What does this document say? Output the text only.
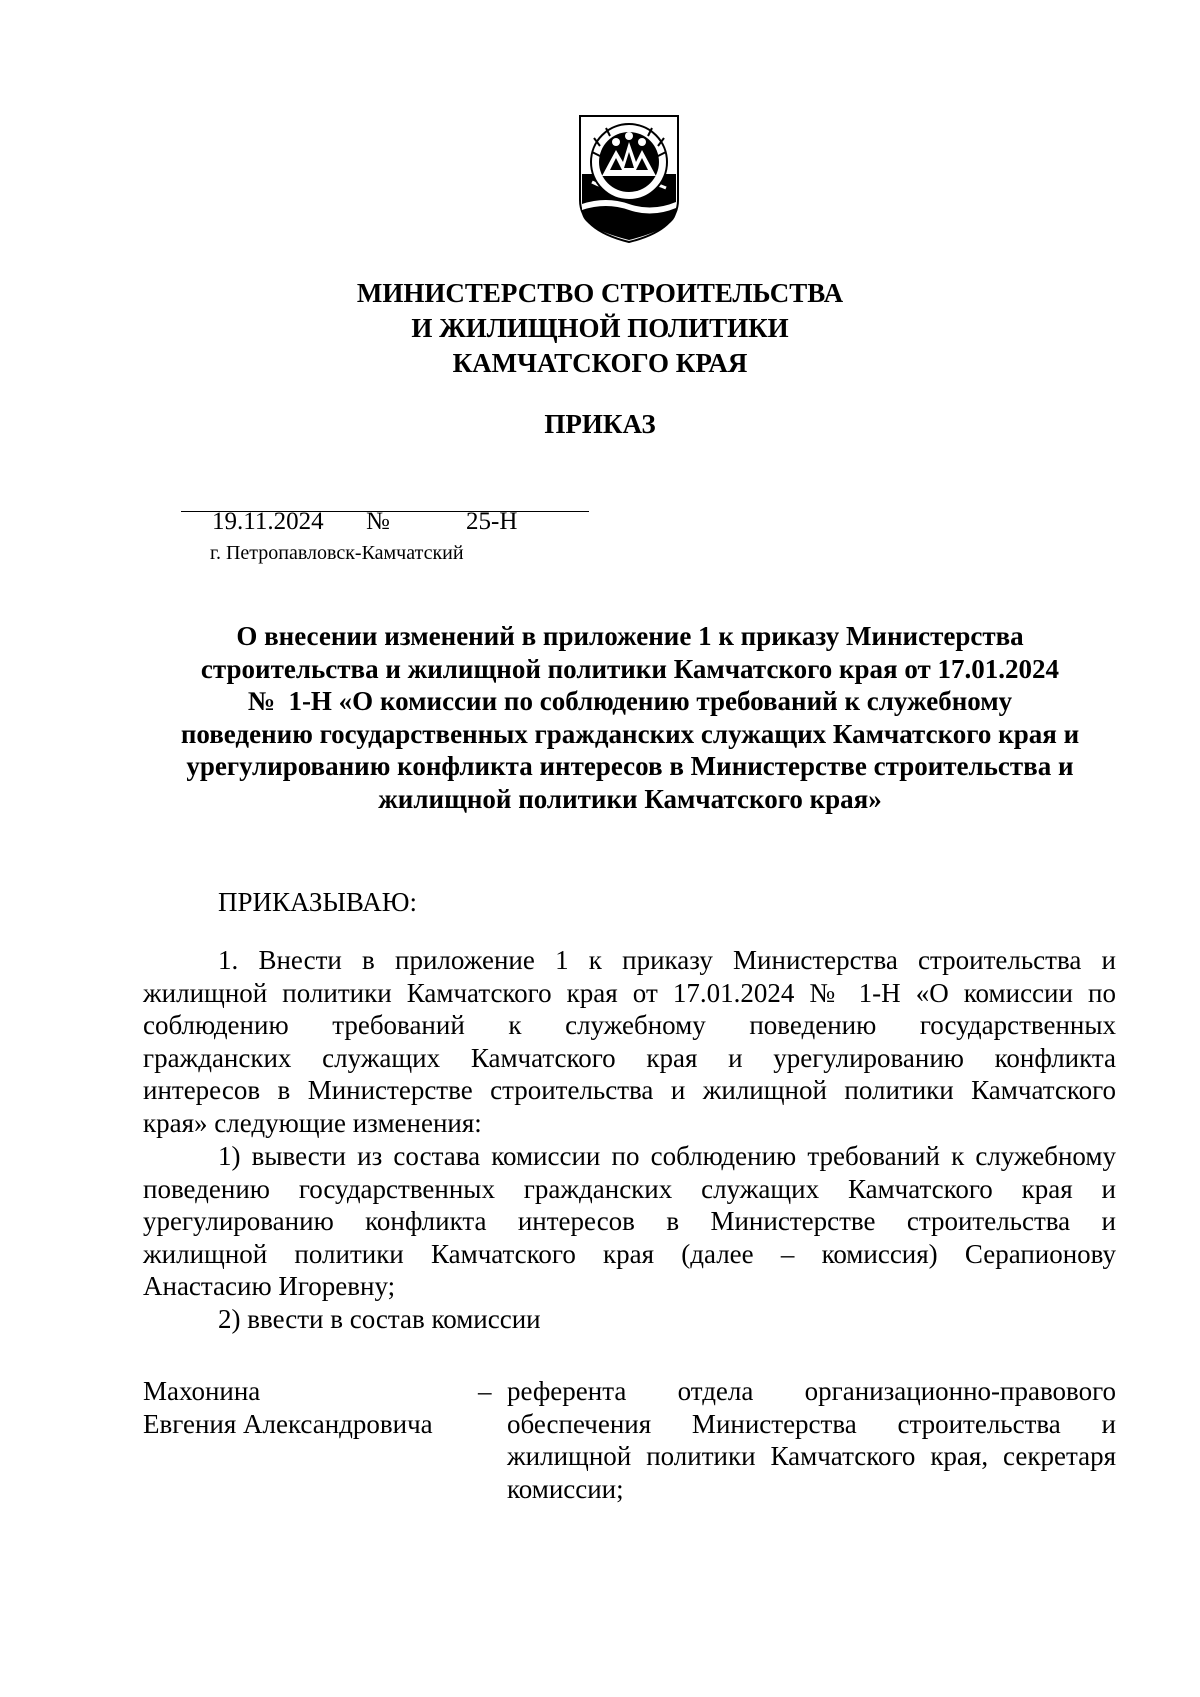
МИНИСТЕРСТВО СТРОИТЕЛЬСТВА
И ЖИЛИЩНОЙ ПОЛИТИКИ
КАМЧАТСКОГО КРАЯ
ПРИКАЗ
19.11.2024 №	25-Н
г. Петропавловск-Камчатский
О внесении изменений в приложение 1 к приказу Министерства
строительства и жилищной политики Камчатского края от 17.01.2024
№  1-Н «О комиссии по соблюдению требований к служебному
поведению государственных гражданских служащих Камчатского края и
урегулированию конфликта интересов в Министерстве строительства и
жилищной политики Камчатского края»
ПРИКАЗЫВАЮ:
1. Внести в приложение 1 к приказу Министерства строительства и
жилищной политики Камчатского края от 17.01.2024 № 1-Н «О комиссии по
соблюдению требований к служебному поведению государственных
гражданских служащих Камчатского края и урегулированию конфликта
интересов в Министерстве строительства и жилищной политики Камчатского
края» следующие изменения:
1) вывести из состава комиссии по соблюдению требований к служебному
поведению государственных гражданских служащих Камчатского края и
урегулированию конфликта интересов в Министерстве строительства и
жилищной политики Камчатского края (далее – комиссия) Серапионову
Анастасию Игоревну;
2) ввести в состав комиссии
Махонина
Евгения Александровича
– референта отдела организационно-правового
обеспечения Министерства строительства и
жилищной политики Камчатского края, секретаря
комиссии;
